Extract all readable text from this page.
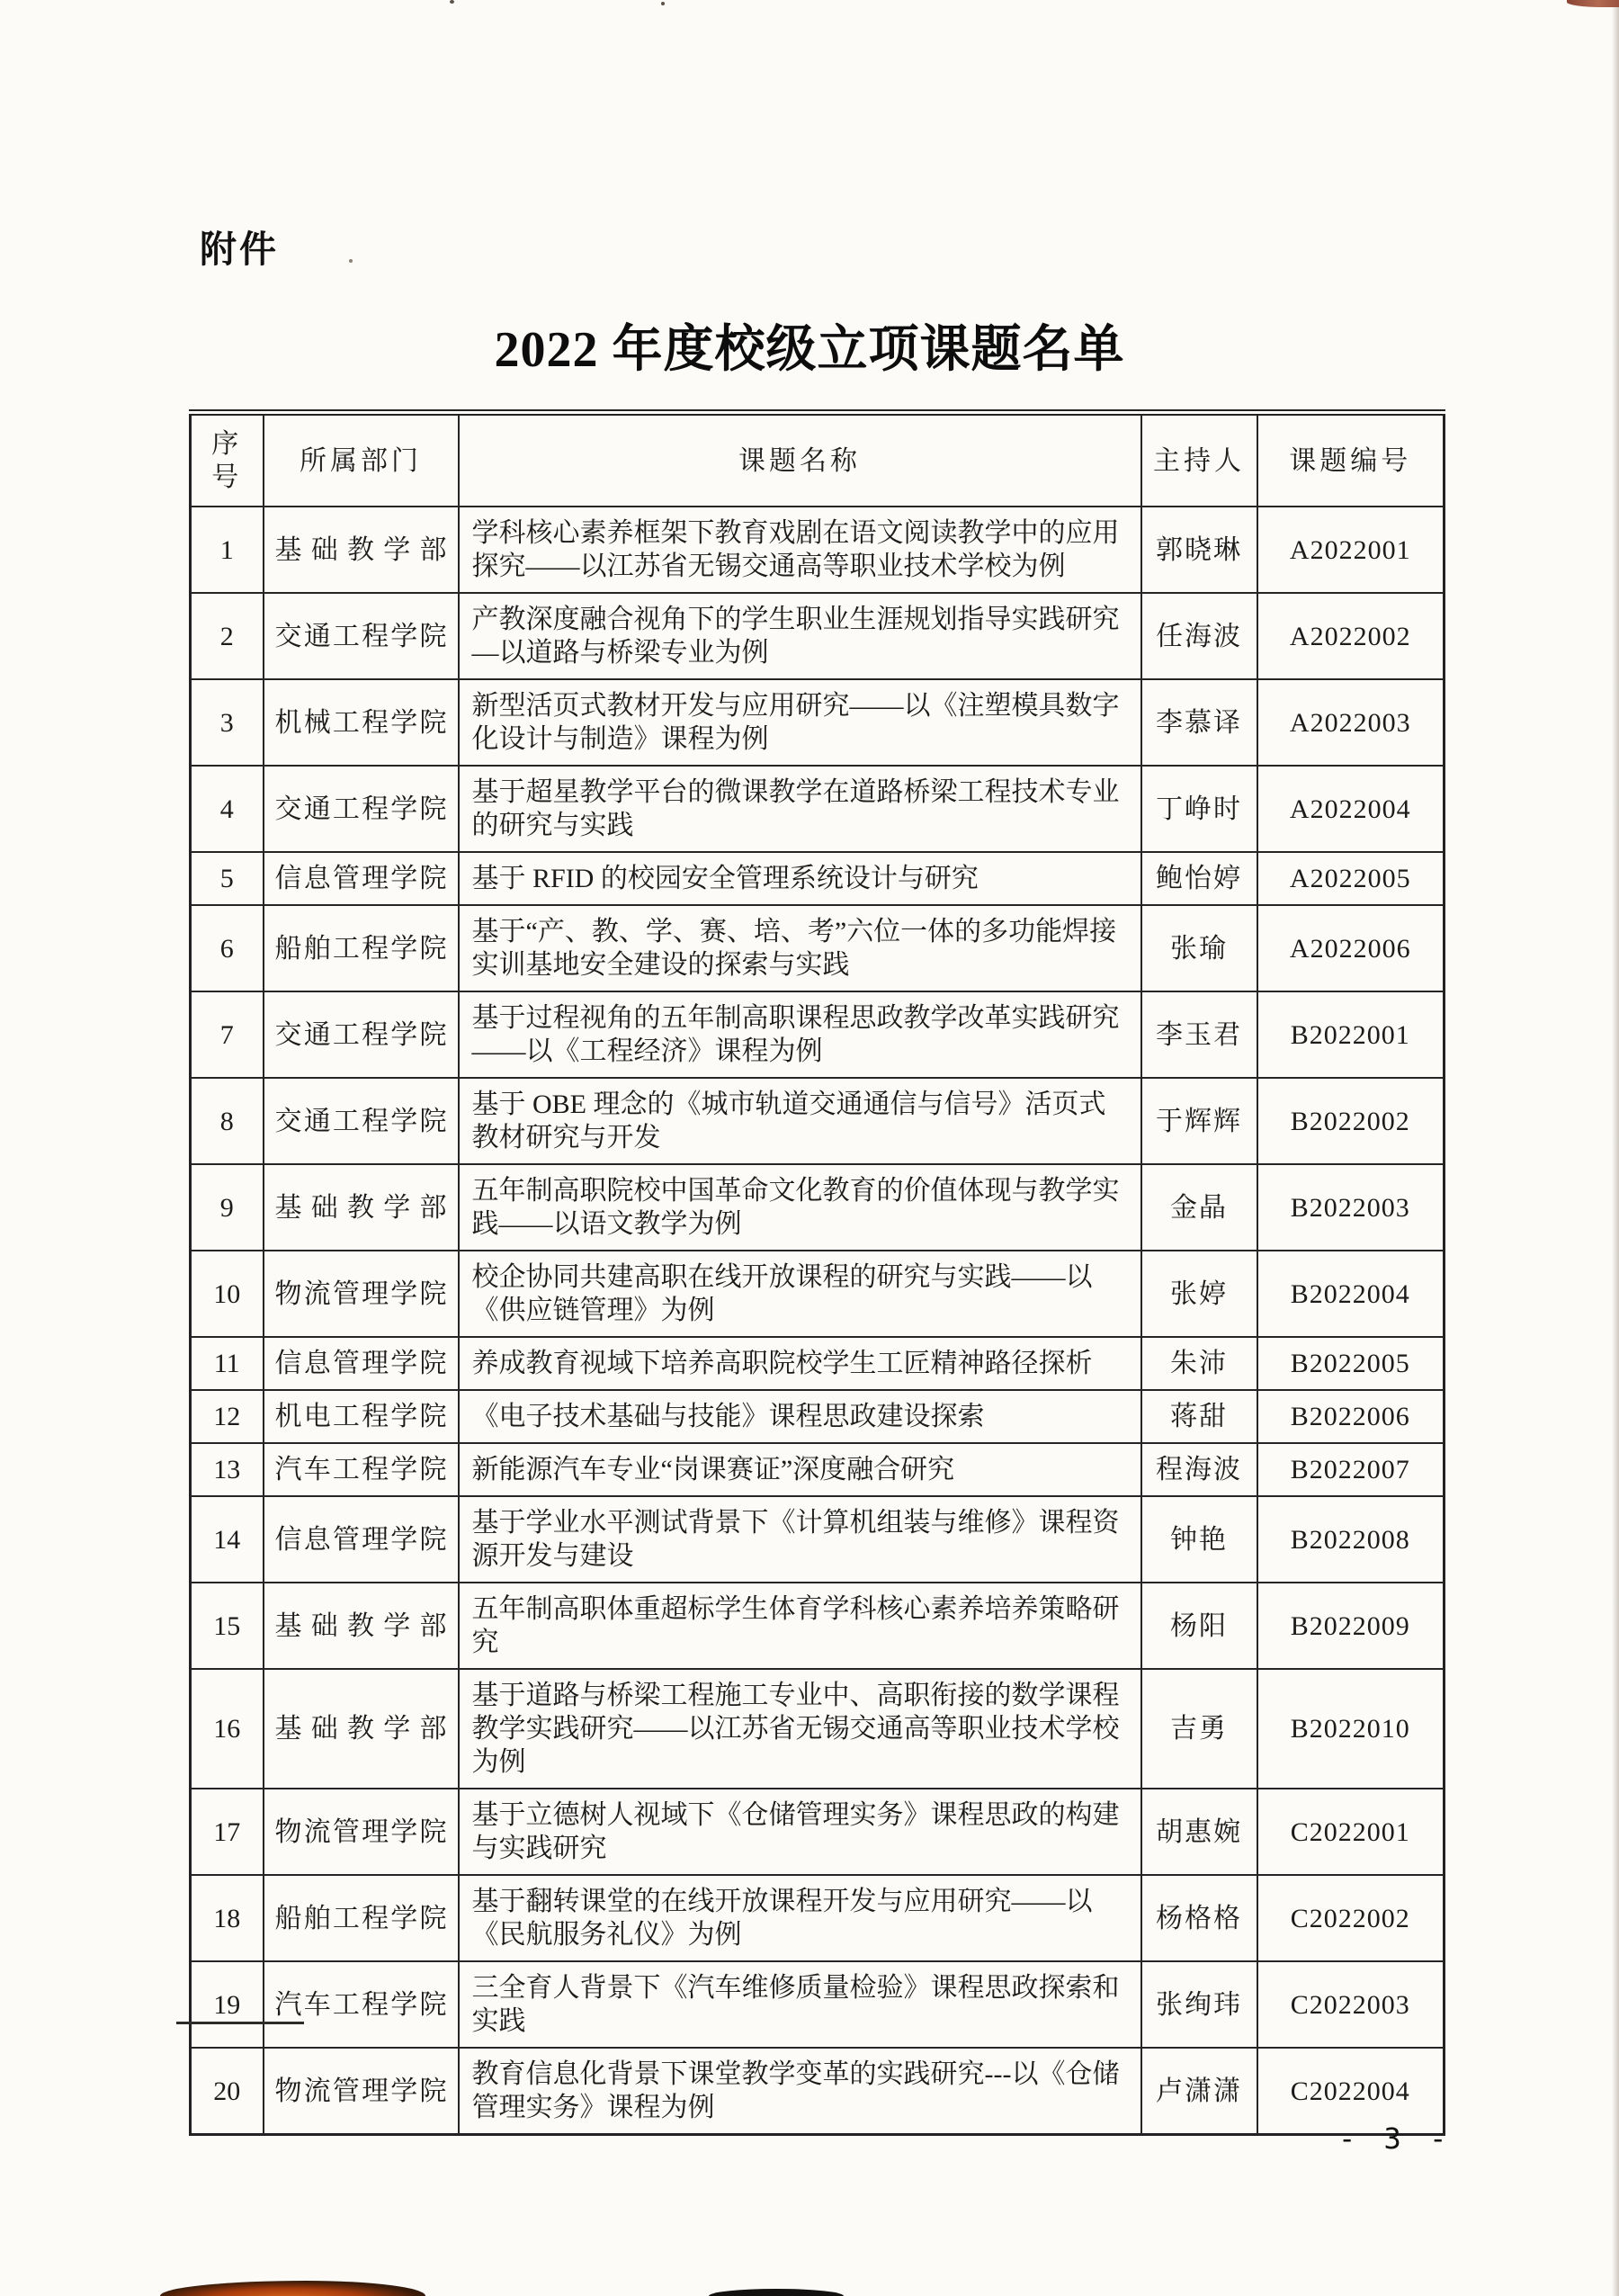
附件
2022 年度校级立项课题名单
序号	所属部门	课题名称	主持人	课题编号
1	基础教学部	学科核心素养框架下教育戏剧在语文阅读教学中的应用探究——以江苏省无锡交通高等职业技术学校为例	郭晓琳	A2022001
2	交通工程学院	产教深度融合视角下的学生职业生涯规划指导实践研究—以道路与桥梁专业为例	任海波	A2022002
3	机械工程学院	新型活页式教材开发与应用研究——以《注塑模具数字化设计与制造》课程为例	李慕译	A2022003
4	交通工程学院	基于超星教学平台的微课教学在道路桥梁工程技术专业的研究与实践	丁峥时	A2022004
5	信息管理学院	基于 RFID 的校园安全管理系统设计与研究	鲍怡婷	A2022005
6	船舶工程学院	基于“产、教、学、赛、培、考”六位一体的多功能焊接实训基地安全建设的探索与实践	张瑜	A2022006
7	交通工程学院	基于过程视角的五年制高职课程思政教学改革实践研究——以《工程经济》课程为例	李玉君	B2022001
8	交通工程学院	基于 OBE 理念的《城市轨道交通通信与信号》活页式教材研究与开发	于辉辉	B2022002
9	基础教学部	五年制高职院校中国革命文化教育的价值体现与教学实践——以语文教学为例	金晶	B2022003
10	物流管理学院	校企协同共建高职在线开放课程的研究与实践——以《供应链管理》为例	张婷	B2022004
11	信息管理学院	养成教育视域下培养高职院校学生工匠精神路径探析	朱沛	B2022005
12	机电工程学院	《电子技术基础与技能》课程思政建设探索	蒋甜	B2022006
13	汽车工程学院	新能源汽车专业“岗课赛证”深度融合研究	程海波	B2022007
14	信息管理学院	基于学业水平测试背景下《计算机组装与维修》课程资源开发与建设	钟艳	B2022008
15	基础教学部	五年制高职体重超标学生体育学科核心素养培养策略研究	杨阳	B2022009
16	基础教学部	基于道路与桥梁工程施工专业中、高职衔接的数学课程教学实践研究——以江苏省无锡交通高等职业技术学校为例	吉勇	B2022010
17	物流管理学院	基于立德树人视域下《仓储管理实务》课程思政的构建与实践研究	胡惠婉	C2022001
18	船舶工程学院	基于翻转课堂的在线开放课程开发与应用研究——以《民航服务礼仪》为例	杨格格	C2022002
19	汽车工程学院	三全育人背景下《汽车维修质量检验》课程思政探索和实践	张绚玮	C2022003
20	物流管理学院	教育信息化背景下课堂教学变革的实践研究---以《仓储管理实务》课程为例	卢潇潇	C2022004
- 3 -
